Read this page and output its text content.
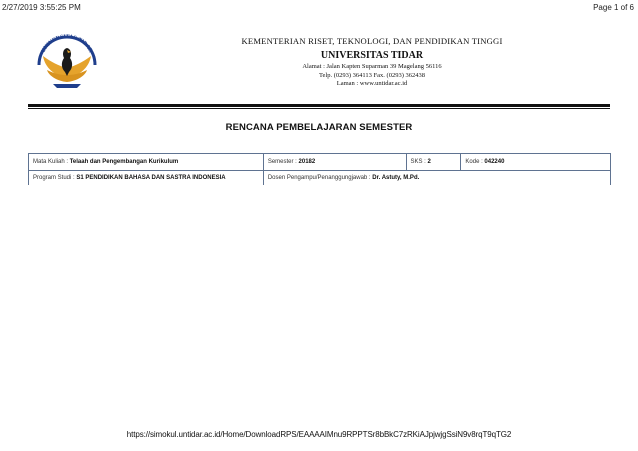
2/27/2019 3:55:25 PM	Page 1 of 6
UNIVERSITAS TIDAR
KEMENTERIAN RISET, TEKNOLOGI, DAN PENDIDIKAN TINGGI
UNIVERSITAS TIDAR
Alamat : Jalan Kapten Suparman 39 Magelang 56116
Telp. (0293) 364113 Fax. (0293) 362438
Laman : www.untidar.ac.id
RENCANA PEMBELAJARAN SEMESTER
Mata Kuliah : Telaah dan Pengembangan Kurikulum	Semester : 20182	SKS : 2	Kode : 042240
Program Studi : S1 PENDIDIKAN BAHASA DAN SASTRA INDONESIA	Dosen Pengampu/Penanggungjawab : Dr. Astuty, M.Pd.		
https://simokul.untidar.ac.id/Home/DownloadRPS/EAAAAIMnu9RPPTSr8bBkC7zRKiAJpjwjgSsiN9v8rqT9qTG2
